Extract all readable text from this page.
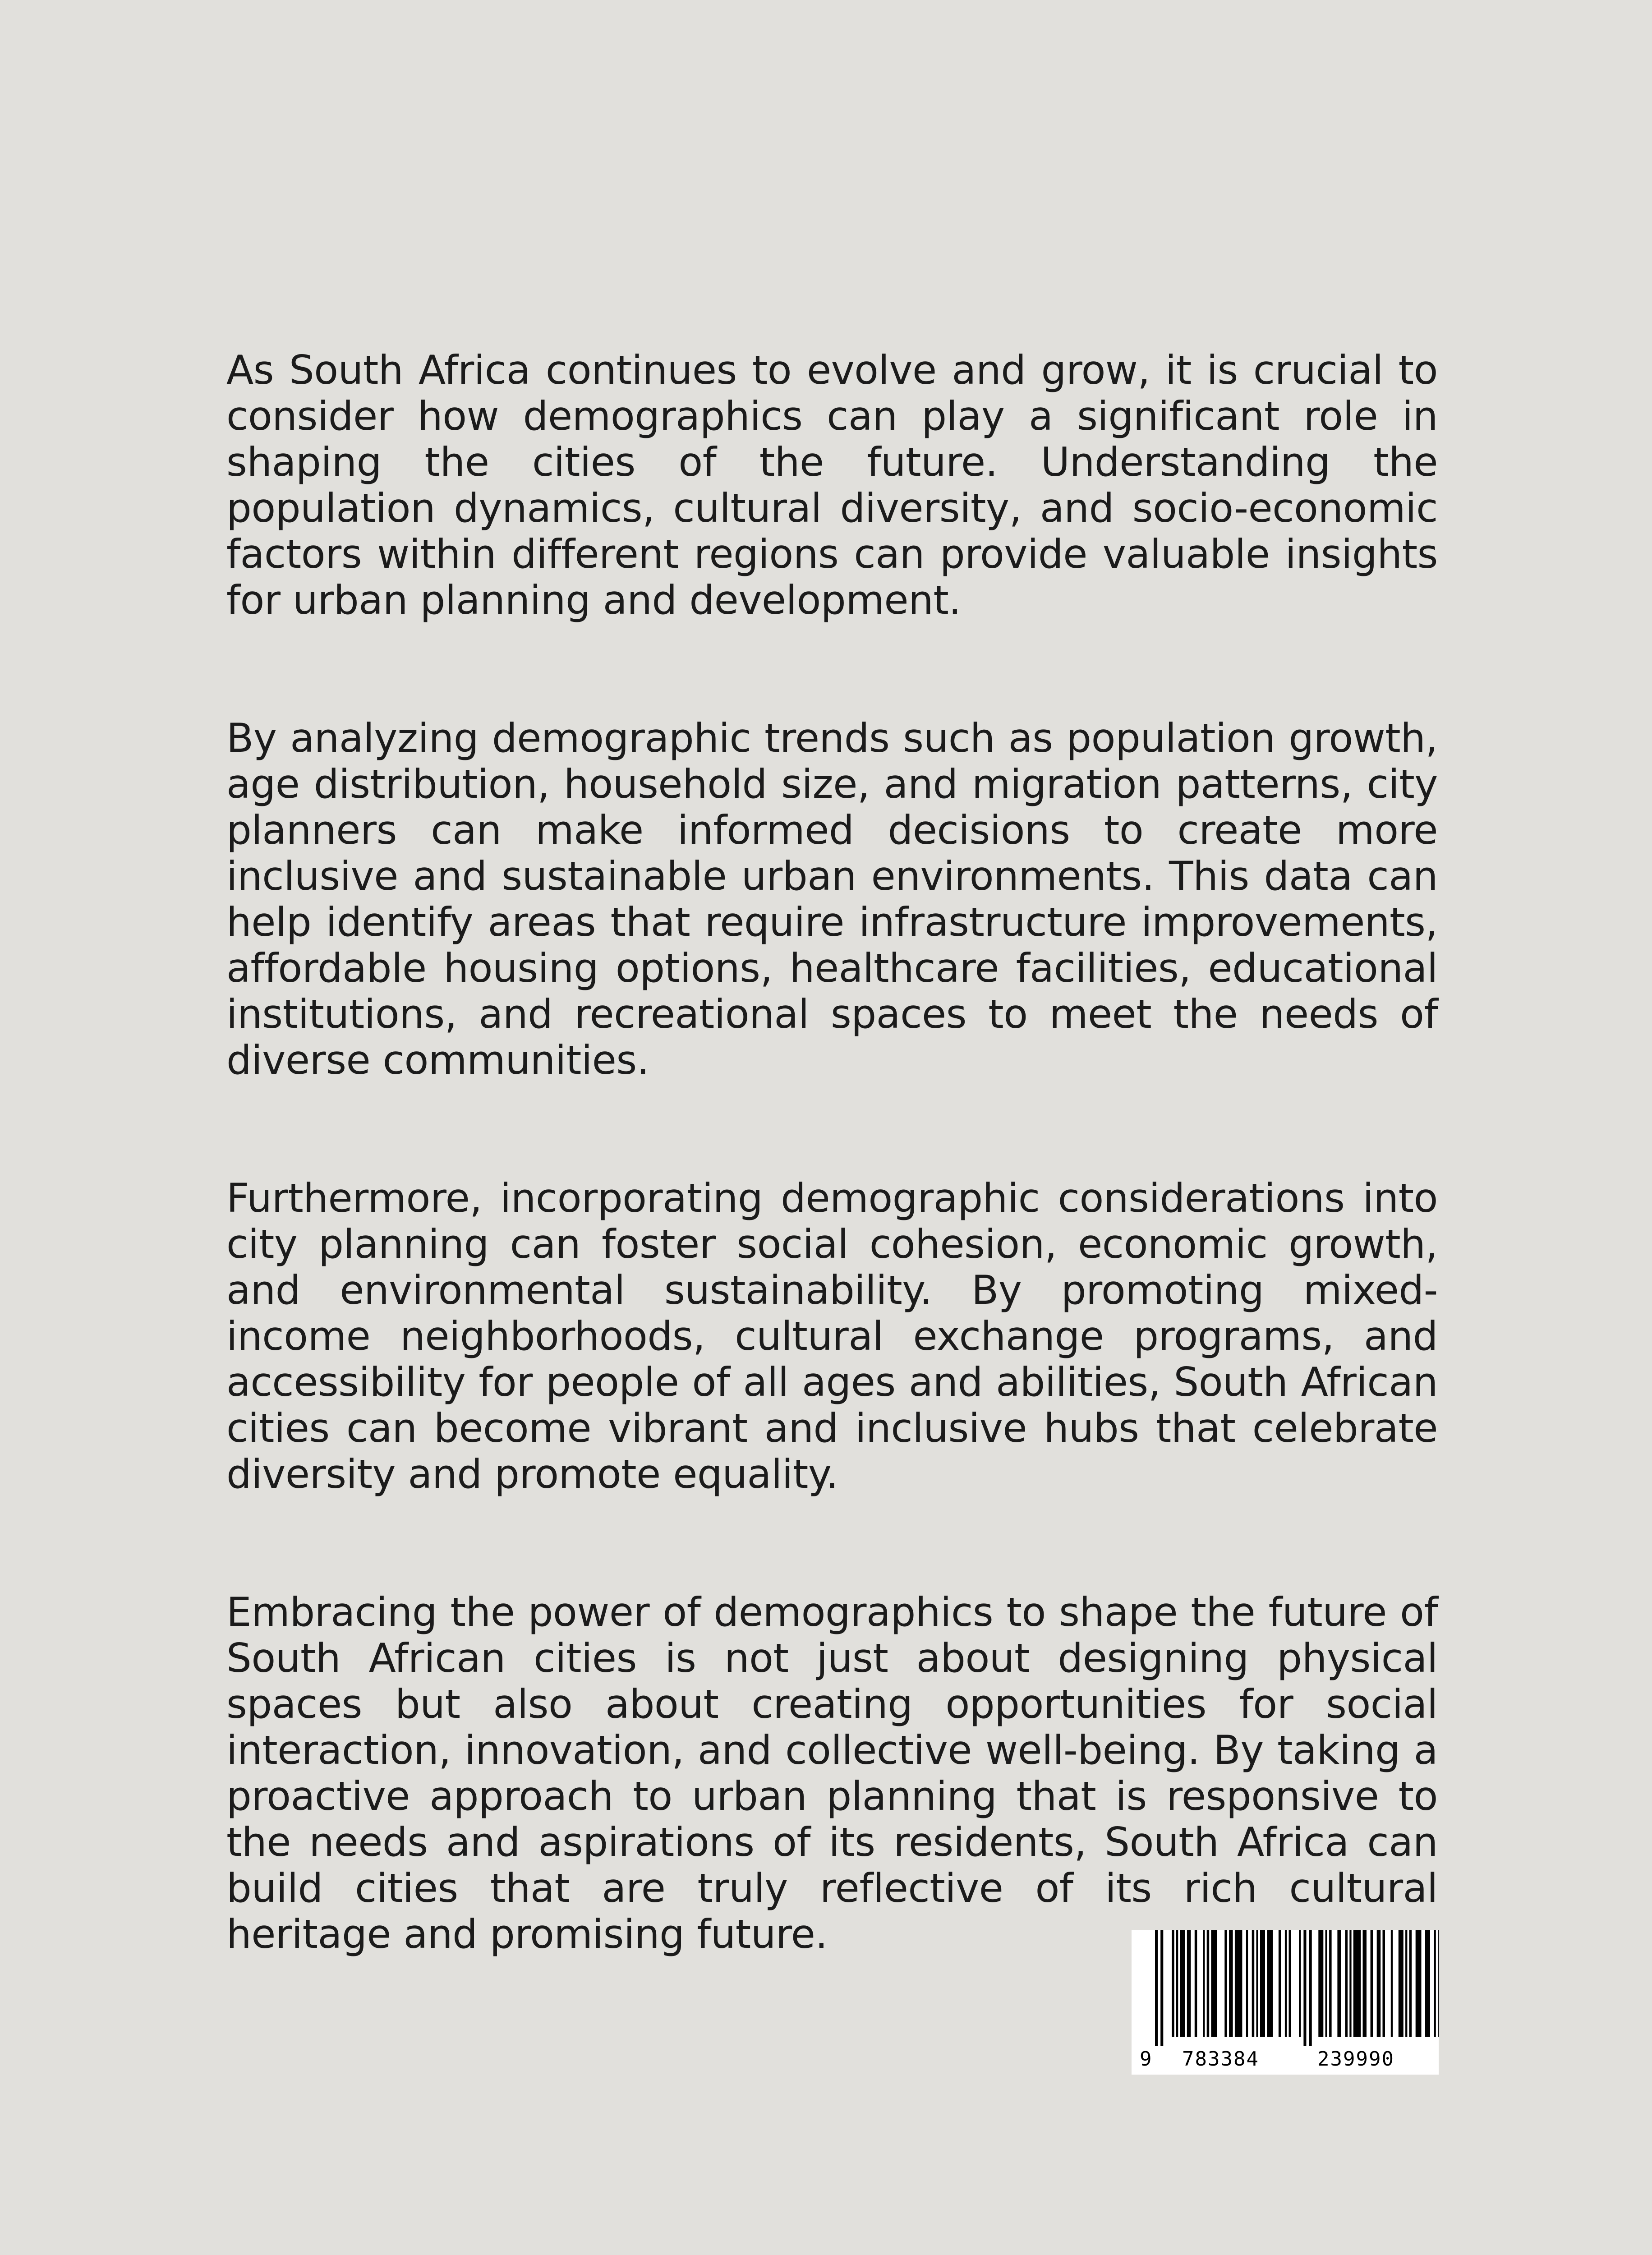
As South Africa continues to evolve and grow, it is crucial to consider how demographics can play a significant role in shaping the cities of the future. Understanding the population dynamics, cultural diversity, and socio-economic factors within different regions can provide valuable insights for urban planning and development.

By analyzing demographic trends such as population growth, age distribution, household size, and migration patterns, city planners can make informed decisions to create more inclusive and sustainable urban environments. This data can help identify areas that require infrastructure improvements, affordable housing options, healthcare facilities, educational institutions, and recreational spaces to meet the needs of diverse communities.

Furthermore, incorporating demographic considerations into city planning can foster social cohesion, economic growth, and environmental sustainability. By promoting mixed-income neighborhoods, cultural exchange programs, and accessibility for people of all ages and abilities, South African cities can become vibrant and inclusive hubs that celebrate diversity and promote equality.

Embracing the power of demographics to shape the future of South African cities is not just about designing physical spaces but also about creating opportunities for social interaction, innovation, and collective well-being. By taking a proactive approach to urban planning that is responsive to the needs and aspirations of its residents, South Africa can build cities that are truly reflective of its rich cultural heritage and promising future.

9 783384	239990
